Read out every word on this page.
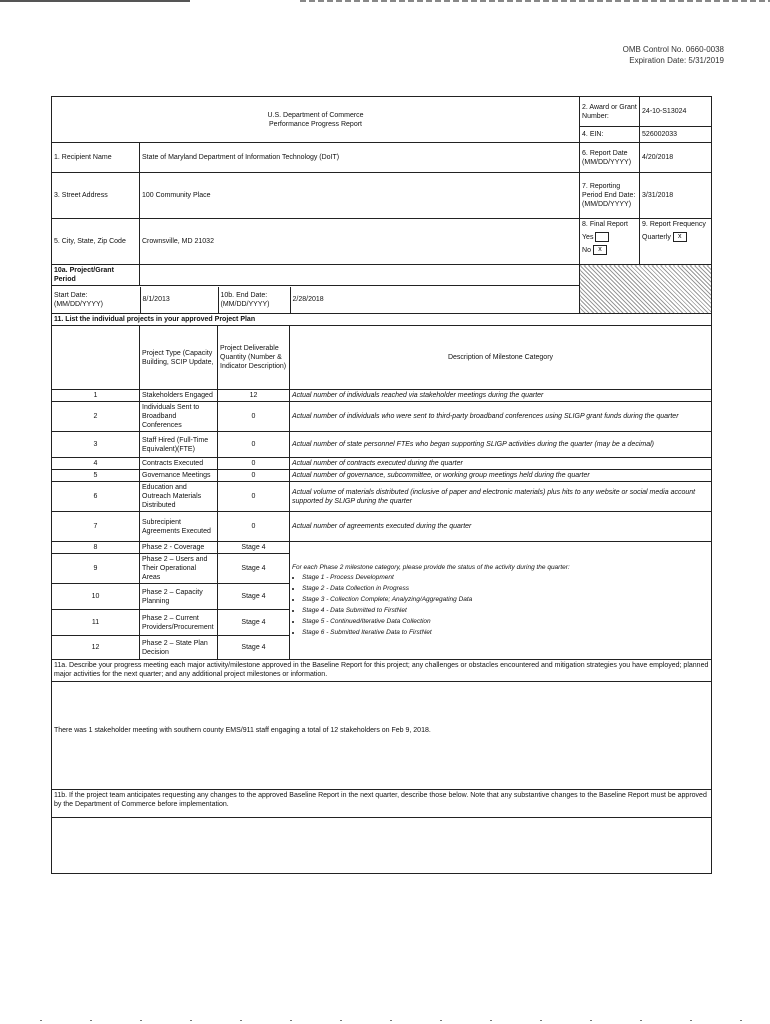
OMB Control No. 0660-0038
Expiration Date: 5/31/2019
U.S. Department of Commerce
Performance Progress Report
	2. Award or Grant Number:	24-10-S13024
4. EIN:	526002033
1. Recipient Name	State of Maryland Department of Information Technology (DoIT)	6. Report Date (MM/DD/YYYY)	4/20/2018
3. Street Address	100 Community Place	7. Reporting Period End Date: (MM/DD/YYYY)	3/31/2018
5. City, State, Zip Code	Crownsville, MD 21032	
8. Final Report
Yes
No x

9. Report Frequency
Quarterly x

10a. Project/Grant Period		

Start Date: (MM/DD/YYYY)	8/1/2013	10b. End Date: (MM/DD/YYYY)	2/28/2018

11. List the individual projects in your approved Project Plan
	Project Type (Capacity Building, SCIP Update,	Project Deliverable Quantity (Number & Indicator Description)	Description of Milestone Category
1	Stakeholders Engaged	12	Actual number of individuals reached via stakeholder meetings during the quarter
2	Individuals Sent to Broadband Conferences	0	Actual number of individuals who were sent to third-party broadband conferences using SLIGP grant funds during the quarter
3	Staff Hired (Full-Time Equivalent)(FTE)	0	Actual number of state personnel FTEs who began supporting SLIGP activities during the quarter (may be a decimal)
4	Contracts Executed	0	Actual number of contracts executed during the quarter
5	Governance Meetings	0	Actual number of governance, subcommittee, or working group meetings held during the quarter
6	Education and Outreach Materials Distributed	0	Actual volume of materials distributed (inclusive of paper and electronic materials) plus hits to any website or social media account supported by SLIGP during the quarter
7	Subrecipient Agreements Executed	0	Actual number of agreements executed during the quarter
8	Phase 2 - Coverage	Stage 4	
For each Phase 2 milestone category, please provide the status of the activity during the quarter:
• Stage 1 - Process Development
• Stage 2 - Data Collection in Progress
• Stage 3 - Collection Complete; Analyzing/Aggregating Data
• Stage 4 - Data Submitted to FirstNet
• Stage 5 - Continued/Iterative Data Collection
• Stage 6 - Submitted Iterative Data to FirstNet

9	Phase 2 – Users and Their Operational Areas	Stage 4
10	Phase 2 – Capacity Planning	Stage 4
11	Phase 2 – Current Providers/Procurement	Stage 4
12	Phase 2 – State Plan Decision	Stage 4
11a. Describe your progress meeting each major activity/milestone approved in the Baseline Report for this project; any challenges or obstacles encountered and mitigation strategies you have employed; planned major activities for the next quarter; and any additional project milestones or information.
There was 1 stakeholder meeting with southern county EMS/911 staff engaging a total of 12 stakeholders on Feb 9, 2018.
11b. If the project team anticipates requesting any changes to the approved Baseline Report in the next quarter, describe those below. Note that any substantive changes to the Baseline Report must be approved by the Department of Commerce before implementation.
